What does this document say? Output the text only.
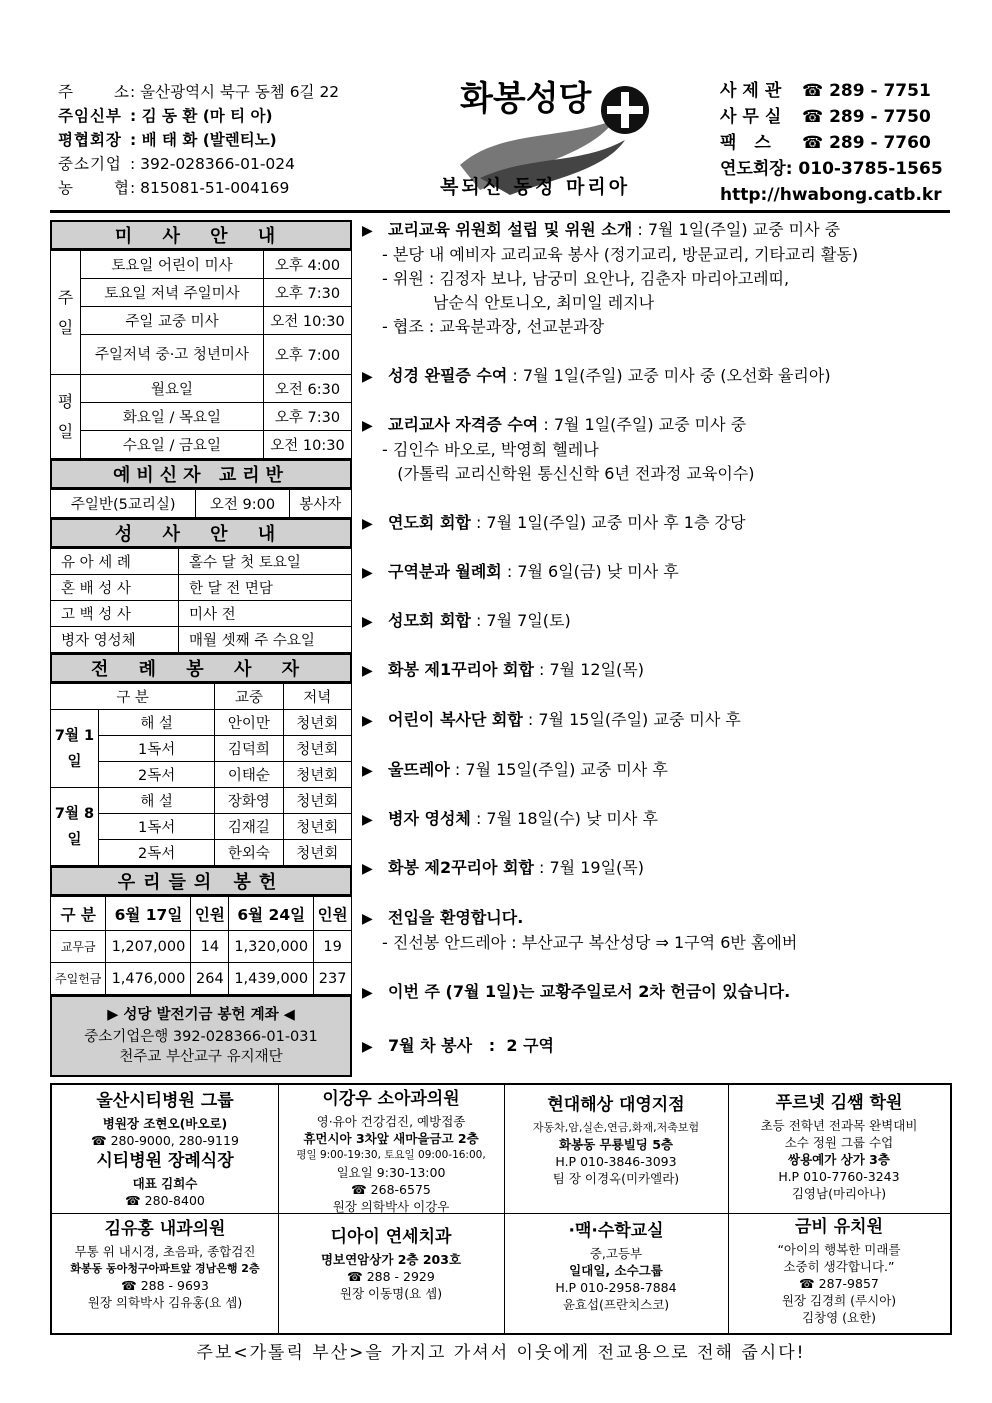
주 소 : 울산광역시 북구 동쳄 6길 22
주임신부 : 김 동 환 (마 티 아)
평협회장 : 배 태 화 (발렌티노)
중소기업 : 392-028366-01-024
농 협 : 815081-51-004169
화봉성당
복되신 동정 마리아
사제관 ☎ 289 - 7751
사무실 ☎ 289 - 7750
팩 스	☎ 289 - 7760
연도회장 : 010-3785-1565
http://hwabong.catb.kr
미 사 안 내
주일	토요일 어린이 미사	오후 4:00
	토요일 저녁 주일미사	오후 7:30
	주일 교중 미사	오전 10:30
	주일저녁 중·고 청년미사	오후 7:00
평일	월요일	오전 6:30
	화요일 / 목요일	오후 7:30
	수요일 / 금요일	오전 10:30
예비신자 교리반
주일반(5교리실)	오전 9:00	봉사자
성 사 안 내
유 아 세 례	홀수 달 첫 토요일
혼 배 성 사	한 달 전 면담
고 백 성 사	미사 전
병자 영성체	매월 셋째 주 수요일
전 례 봉 사 자
구 분		교중	저녁
7월 1일	해 설	안이만	청년회
	1독서	김덕희	청년회
	2독서	이태순	청년회
7월 8일	해 설	장화영	청년회
	1독서	김재길	청년회
	2독서	한외숙	청년회
우리들의 봉헌
구 분	6월 17일	인원	6월 24일	인원
교무금	1,207,000	14	1,320,000	19
주일헌금	1,476,000	264	1,439,000	237
▶ 성당 발전기금 봉헌 계좌 ◀
중소기업은행 392-028366-01-031
천주교 부산교구 유지재단
▶ 교리교육 위원회 설립 및 위원 소개 : 7월 1일(주일) 교중 미사 중
- 본당 내 예비자 교리교육 봉사 (정기교리, 방문교리, 기타교리 활동)
- 위원 : 김정자 보나, 남궁미 요안나, 김춘자 마리아고레띠,
남순식 안토니오, 최미일 레지나
- 협조 : 교육분과장, 선교분과장
▶ 성경 완필증 수여 : 7월 1일(주일) 교중 미사 중 (오선화 율리아)
▶ 교리교사 자격증 수여 : 7월 1일(주일) 교중 미사 중
- 김인수 바오로, 박영희 헬레나
(가톨릭 교리신학원 통신신학 6년 전과정 교육이수)
▶ 연도회 회합 : 7월 1일(주일) 교중 미사 후 1층 강당
▶ 구역분과 월례회 : 7월 6일(금) 낮 미사 후
▶ 성모회 회합 : 7월 7일(토)
▶ 화봉 제1꾸리아 회합 : 7월 12일(목)
▶ 어린이 복사단 회합 : 7월 15일(주일) 교중 미사 후
▶ 울뜨레아 : 7월 15일(주일) 교중 미사 후
▶ 병자 영성체 : 7월 18일(수) 낮 미사 후
▶ 화봉 제2꾸리아 회합 : 7월 19일(목)
▶ 전입을 환영합니다.
- 진선봉 안드레아 : 부산교구 복산성당 ⇒ 1구역 6반 홈에버
▶ 이번 주 (7월 1일)는 교황주일로서 2차 헌금이 있습니다.
▶ 7월 차 봉사   :  2 구역
울산시티병원 그룹
병원장 조현오(바오로)
☎ 280-9000, 280-9119
시티병원 장례식장
대표 김희수
☎ 280-8400
이강우 소아과의원
영·유아 건강검진, 예방접종
휴먼시아 3차앞 새마을금고 2층
평일 9:00-19:30, 토요일 09:00-16:00,
일요일 9:30-13:00
☎ 268-6575
원장 의학박사 이강우
현대해상 대영지점
자동차,암,실손,연금,화재,저축보험
화봉동 무룡빌딩 5층
H.P 010-3846-3093
팀 장 이경옥(미카엘라)
푸르넷 김쌤 학원
초등 전학년 전과목 완벽대비
소수 정원 그룹 수업
쌍용예가 상가 3층
H.P 010-7760-3243
김영남(마리아나)
김유홍 내과의원
무통 위 내시경, 초음파, 종합검진
화봉동 동아청구아파트앞 경남은행 2층
☎ 288 - 9693
원장 의학박사 김유홍(요 셉)
디아이 연세치과
명보연암상가 2층 203호
☎ 288 - 2929
원장 이동명(요 셉)
·맥·수학교실
중,고등부
일대일, 소수그룹
H.P 010-2958-7884
윤효섭(프란치스코)
금비 유치원
“아이의 행복한 미래를
소중히 생각합니다.”
☎ 287-9857
원장 김경희 (루시아)
김창영 (요한)
주보<가톨릭 부산>을 가지고 가셔서 이웃에게 전교용으로 전해 줍시다!
